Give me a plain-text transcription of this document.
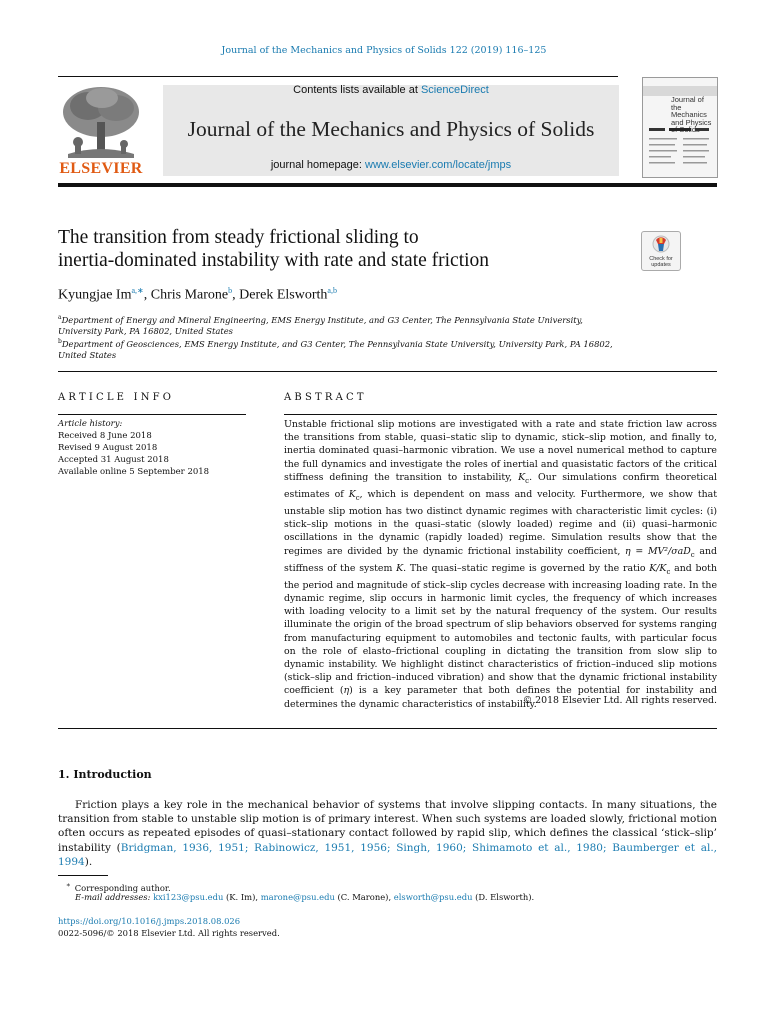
Journal of the Mechanics and Physics of Solids 122 (2019) 116–125
ELSEVIER
Contents lists available at ScienceDirect
Journal of the Mechanics and Physics of Solids
journal homepage: www.elsevier.com/locate/jmps
Journal of the Mechanics and Physics
The transition from steady frictional sliding to
inertia-dominated instability with rate and state friction	Check for updates
Kyungjae $Im^{a,∗}$, Chris Marone$^b$, Derek Elsworth$^{a,b}$
$^a$Department of Energy and Mineral Engineering, EMS Energy Institute, and G3 Center, The Pennsylvania State University, University Park, PA 16802, United States
$^b$Department of Geosciences, EMS Energy Institute, and G3 Center, The Pennsylvania State University, University Park, PA 16802, United States
ARTICLE INFO
Article history:
Received 8 June 2018
Revised 9 August 2018
Accepted 31 August 2018
Available online 5 September 2018
ABSTRACT
Unstable frictional slip motions are investigated with a rate and state friction law across the transitions from stable, quasi–static slip to dynamic, stick–slip motion, and finally to, inertia dominated quasi–harmonic vibration. We use a novel numerical method to capture the full dynamics and investigate the roles of inertial and quasistatic factors of the critical stiffness defining the transition to instability, $K_c$. Our simulations confirm theoretical estimates of $K_c$, which is dependent on mass and velocity. Furthermore, we show that unstable slip motion has two distinct dynamic regimes with characteristic limit cycles: (i) stick–slip motions in the quasi–static (slowly loaded) regime and (ii) quasi–harmonic oscillations in the dynamic (rapidly loaded) regime. Simulation results show that the regimes are divided by the dynamic frictional instability coefficient, η = MV²/σaD$_c$ and stiffness of the system K. The quasi–static regime is governed by the ratio $K/K_c$ and both the period and magnitude of stick–slip cycles decrease with increasing loading rate. In the dynamic regime, slip occurs in harmonic limit cycles, the frequency of which increases with loading velocity to a limit set by the natural frequency of the system. Our results illuminate the origin of the broad spectrum of slip behaviors observed for systems ranging from manufacturing equipment to automobiles and tectonic faults, with particular focus on the role of elasto–frictional coupling in dictating the transition from slow slip to dynamic instability. We highlight distinct characteristics of friction–induced slip motions (stick–slip and friction–induced vibration) and show that the dynamic frictional instability coefficient (η) is a key parameter that both defines the potential for instability and determines the dynamic characteristics of instability.
© 2018 Elsevier Ltd. All rights reserved.
1. Introduction
Friction plays a key role in the mechanical behavior of systems that involve slipping contacts. In many situations, the transition from stable to unstable slip motion is of primary interest. When such systems are loaded slowly, frictional motion often occurs as repeated episodes of quasi–stationary contact followed by rapid slip, which defines the classical ‘stick–slip’ instability (Bridgman, 1936, 1951; Rabinowicz, 1951, 1956; Singh, 1960; Shimamoto et al., 1980; Baumberger et al., 1994).
∗ Corresponding author.
E-mail addresses: kxi123@psu.edu (K. Im), marone@psu.edu (C. Marone), elsworth@psu.edu (D. Elsworth).
https://doi.org/10.1016/j.jmps.2018.08.026
0022-5096/© 2018 Elsevier Ltd. All rights reserved.
